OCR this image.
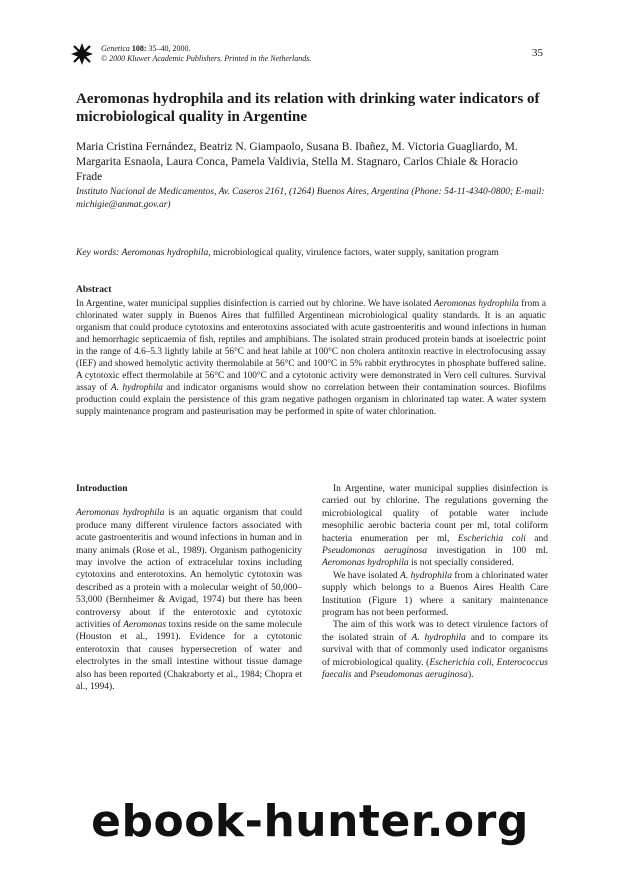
Genetica 108: 35–40, 2000.
© 2000 Kluwer Academic Publishers. Printed in the Netherlands.	35
Aeromonas hydrophila and its relation with drinking water indicators of microbiological quality in Argentine
Maria Cristina Fernández, Beatriz N. Giampaolo, Susana B. Ibañez, M. Victoria Guagliardo, M. Margarita Esnaola, Laura Conca, Pamela Valdivia, Stella M. Stagnaro, Carlos Chiale & Horacio Frade
Instituto Nacional de Medicamentos, Av. Caseros 2161, (1264) Buenos Aires, Argentina (Phone: 54-11-4340-0800; E-mail: michigie@anmat.gov.ar)
Key words: Aeromonas hydrophila, microbiological quality, virulence factors, water supply, sanitation program
Abstract
In Argentine, water municipal supplies disinfection is carried out by chlorine. We have isolated Aeromonas hydrophila from a chlorinated water supply in Buenos Aires that fulfilled Argentinean microbiological quality standards. It is an aquatic organism that could produce cytotoxins and enterotoxins associated with acute gastroenteritis and wound infections in human and hemorrhagic septicaemia of fish, reptiles and amphibians. The isolated strain produced protein bands at isoelectric point in the range of 4.6–5.3 lightly labile at 56°C and heat labile at 100°C non cholera antitoxin reactive in electrofocusing assay (IEF) and showed hemolytic activity thermolabile at 56°C and 100°C in 5% rabbit erythrocytes in phosphate buffered saline. A cytotoxic effect thermolabile at 56°C and 100°C and a cytotonic activity were demonstrated in Vero cell cultures. Survival assay of A. hydrophila and indicator organisms would show no correlation between their contamination sources. Biofilms production could explain the persistence of this gram negative pathogen organism in chlorinated tap water. A water system supply maintenance program and pasteurisation may be performed in spite of water chlorination.
Introduction

Aeromonas hydrophila is an aquatic organism that could produce many different virulence factors associated with acute gastroenteritis and wound infections in human and in many animals (Rose et al., 1989). Organism pathogenicity may involve the action of extracelular toxins including cytotoxins and enterotoxins. An hemolytic cytotoxin was described as a protein with a molecular weight of 50,000–53,000 (Bernheimer & Avigad, 1974) but there has been controversy about if the enterotoxic and cytotoxic activities of Aeromonas toxins reside on the same molecule (Houston et al., 1991). Evidence for a cytotonic enterotoxin that causes hypersecretion of water and electrolytes in the small intestine without tissue damage also has been reported (Chakraborty et al., 1984; Chopra et al., 1994).

In Argentine, water municipal supplies disinfection is carried out by chlorine. The regulations governing the microbiological quality of potable water include mesophilic aerobic bacteria count per ml, total coliform bacteria enumeration per ml, Escherichia coli and Pseudomonas aeruginosa investigation in 100 ml. Aeromonas hydrophila is not specially considered.

We have isolated A. hydrophila from a chlorinated water supply which belongs to a Buenos Aires Health Care Institution (Figure 1) where a sanitary maintenance program has not been performed.

The aim of this work was to detect virulence factors of the isolated strain of A. hydrophila and to compare its survival with that of commonly used indicator organisms of microbiological quality. (Escherichia coli, Enterococcus faecalis and Pseudomonas aeruginosa).

ebook-hunter.org
